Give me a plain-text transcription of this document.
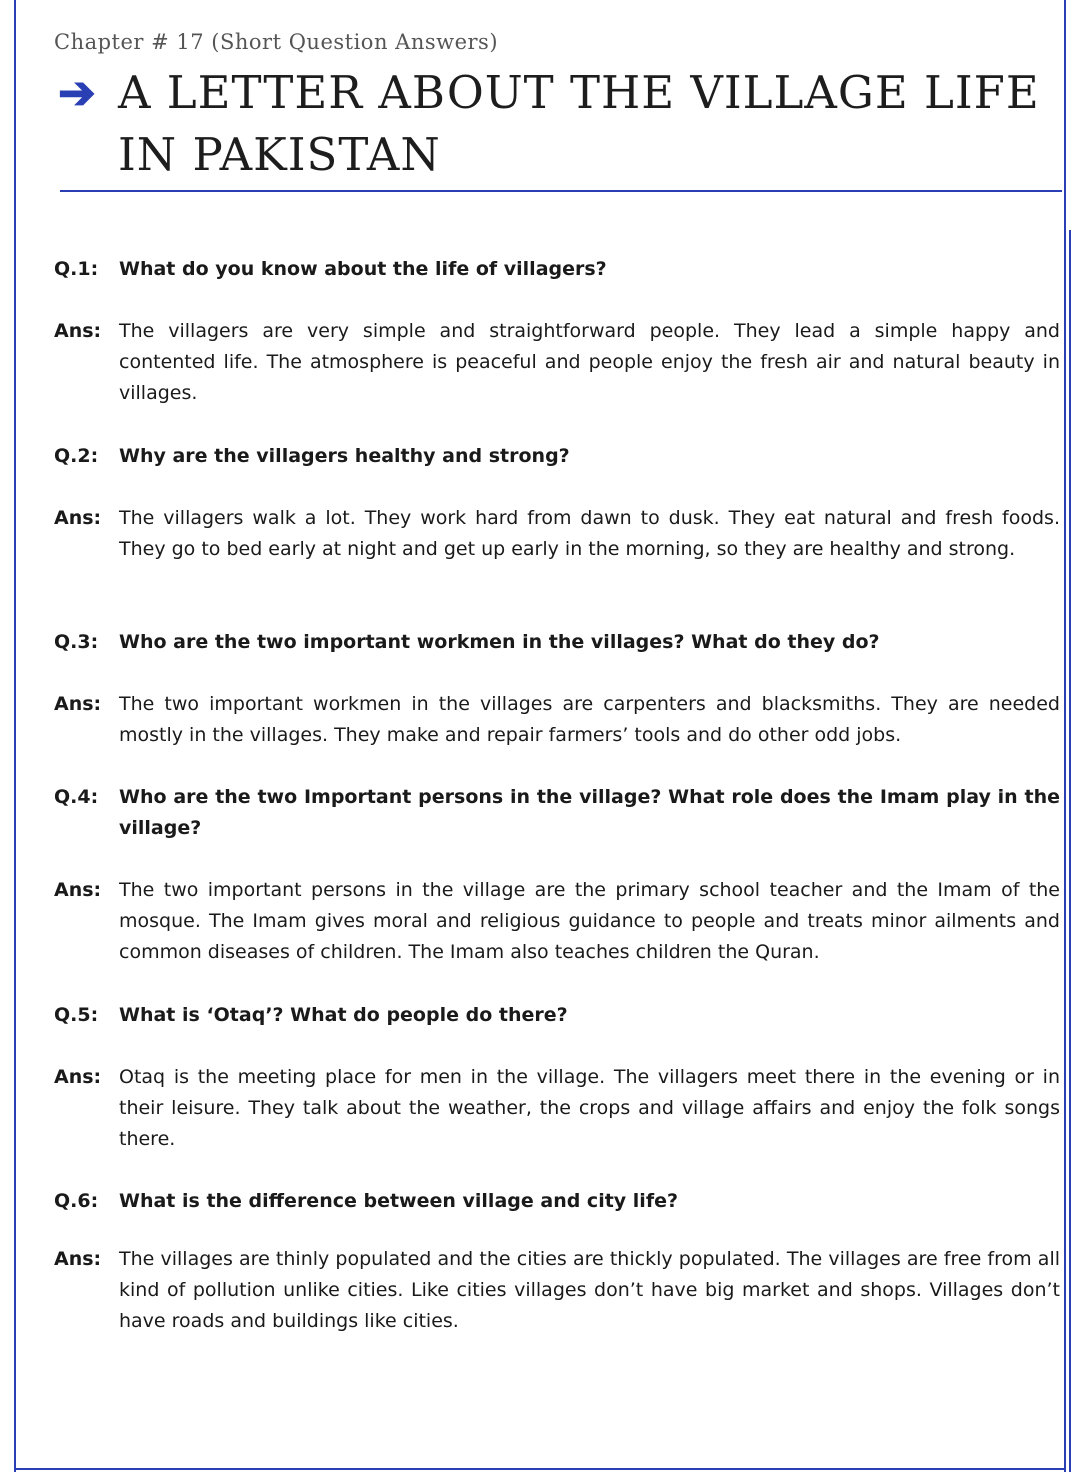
Chapter # 17 (Short Question Answers)
➔ A LETTER ABOUT THE VILLAGE LIFE
IN PAKISTAN
Q.1: What do you know about the life of villagers?
Ans: The villagers are very simple and straightforward people. They lead a simple happy and contented life. The atmosphere is peaceful and people enjoy the fresh air and natural beauty in villages.
Q.2: Why are the villagers healthy and strong?
Ans: The villagers walk a lot. They work hard from dawn to dusk. They eat natural and fresh foods. They go to bed early at night and get up early in the morning, so they are healthy and strong.
Q.3: Who are the two important workmen in the villages? What do they do?
Ans: The two important workmen in the villages are carpenters and blacksmiths. They are needed mostly in the villages. They make and repair farmers’ tools and do other odd jobs.
Q.4: Who are the two Important persons in the village? What role does the Imam play in the village?
Ans: The two important persons in the village are the primary school teacher and the Imam of the mosque. The Imam gives moral and religious guidance to people and treats minor ailments and common diseases of children. The Imam also teaches children the Quran.
Q.5: What is ‘Otaq’? What do people do there?
Ans: Otaq is the meeting place for men in the village. The villagers meet there in the evening or in their leisure. They talk about the weather, the crops and village affairs and enjoy the folk songs there.
Q.6: What is the difference between village and city life?
Ans: The villages are thinly populated and the cities are thickly populated. The villages are free from all kind of pollution unlike cities. Like cities villages don’t have big market and shops. Villages don’t have roads and buildings like cities.
